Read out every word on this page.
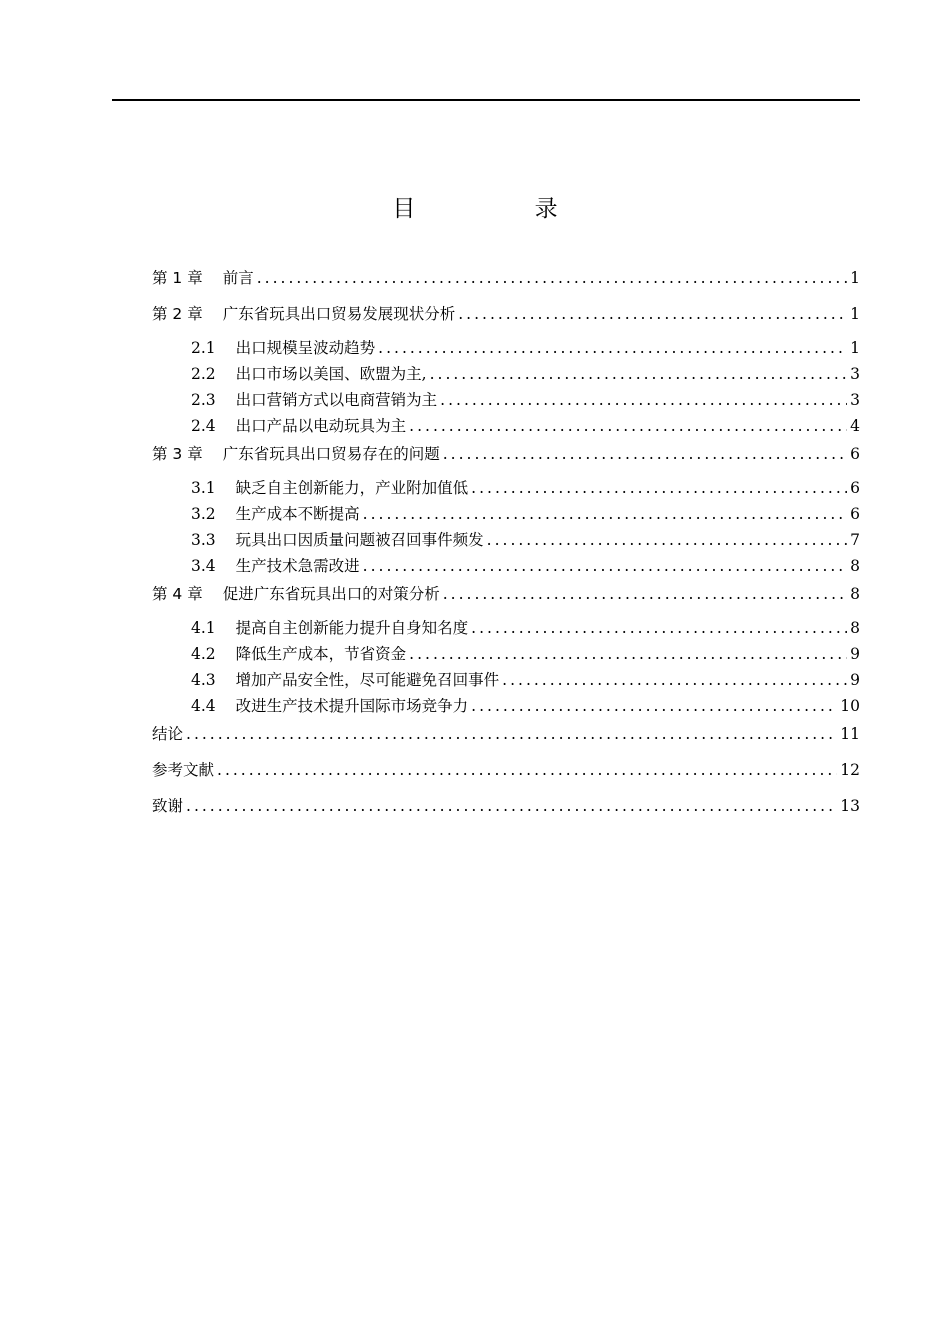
目 录
第 1 章 前言 .....	1
第 2 章 广东省玩具出口贸易发展现状分析 .....	1
2.1 出口规模呈波动趋势 .....	1
2.2 出口市场以美国、欧盟为主, .....	3
2.3 出口营销方式以电商营销为主 .....	3
2.4 出口产品以电动玩具为主 .....	4
第 3 章 广东省玩具出口贸易存在的问题 .....	6
3.1 缺乏自主创新能力，产业附加值低 .....	6
3.2 生产成本不断提高 .....	6
3.3 玩具出口因质量问题被召回事件频发 .....	7
3.4 生产技术急需改进 .....	8
第 4 章 促进广东省玩具出口的对策分析 .....	8
4.1 提高自主创新能力提升自身知名度 .....	8
4.2 降低生产成本，节省资金 .....	9
4.3 增加产品安全性，尽可能避免召回事件 .....	9
4.4 改进生产技术提升国际市场竞争力 .....	10
结论 .....	11
参考文献 .....	12
致谢 .....	13
